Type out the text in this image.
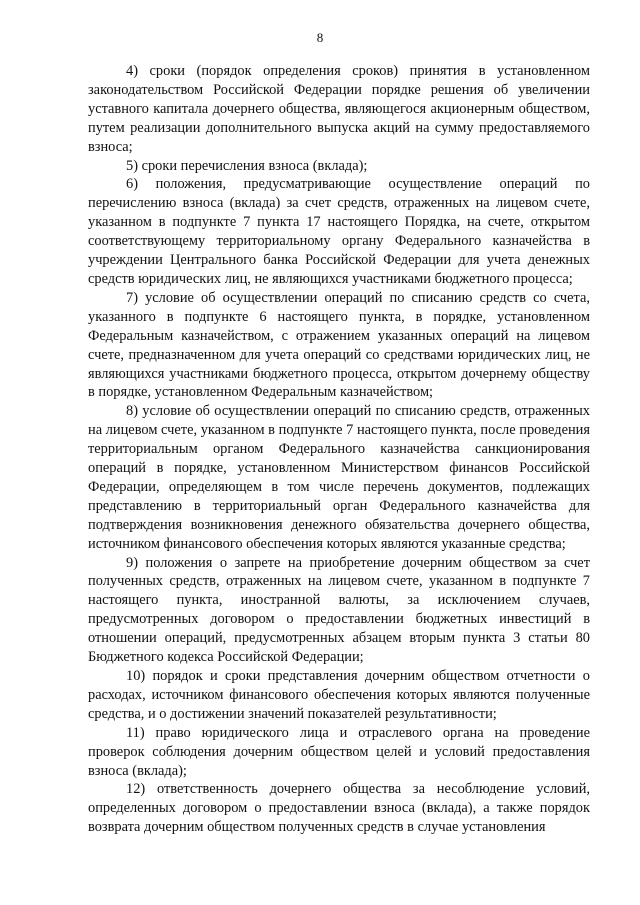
8

4) сроки (порядок определения сроков) принятия в установленном законодательством Российской Федерации порядке решения об увеличении уставного капитала дочернего общества, являющегося акционерным обществом, путем реализации дополнительного выпуска акций на сумму предоставляемого взноса;

5) сроки перечисления взноса (вклада);

6) положения, предусматривающие осуществление операций по перечислению взноса (вклада) за счет средств, отраженных на лицевом счете, указанном в подпункте 7 пункта 17 настоящего Порядка, на счете, открытом соответствующему территориальному органу Федерального казначейства в учреждении Центрального банка Российской Федерации для учета денежных средств юридических лиц, не являющихся участниками бюджетного процесса;

7) условие об осуществлении операций по списанию средств со счета, указанного в подпункте 6 настоящего пункта, в порядке, установленном Федеральным казначейством, с отражением указанных операций на лицевом счете, предназначенном для учета операций со средствами юридических лиц, не являющихся участниками бюджетного процесса, открытом дочернему обществу в порядке, установленном Федеральным казначейством;

8) условие об осуществлении операций по списанию средств, отраженных на лицевом счете, указанном в подпункте 7 настоящего пункта, после проведения территориальным органом Федерального казначейства санкционирования операций в порядке, установленном Министерством финансов Российской Федерации, определяющем в том числе перечень документов, подлежащих представлению в территориальный орган Федерального казначейства для подтверждения возникновения денежного обязательства дочернего общества, источником финансового обеспечения которых являются указанные средства;

9) положения о запрете на приобретение дочерним обществом за счет полученных средств, отраженных на лицевом счете, указанном в подпункте 7 настоящего пункта, иностранной валюты, за исключением случаев, предусмотренных договором о предоставлении бюджетных инвестиций в отношении операций, предусмотренных абзацем вторым пункта 3 статьи 80 Бюджетного кодекса Российской Федерации;

10) порядок и сроки представления дочерним обществом отчетности о расходах, источником финансового обеспечения которых являются полученные средства, и о достижении значений показателей результативности;

11) право юридического лица и отраслевого органа на проведение проверок соблюдения дочерним обществом целей и условий предоставления взноса (вклада);

12) ответственность дочернего общества за несоблюдение условий, определенных договором о предоставлении взноса (вклада), а также порядок возврата дочерним обществом полученных средств в случае установления
